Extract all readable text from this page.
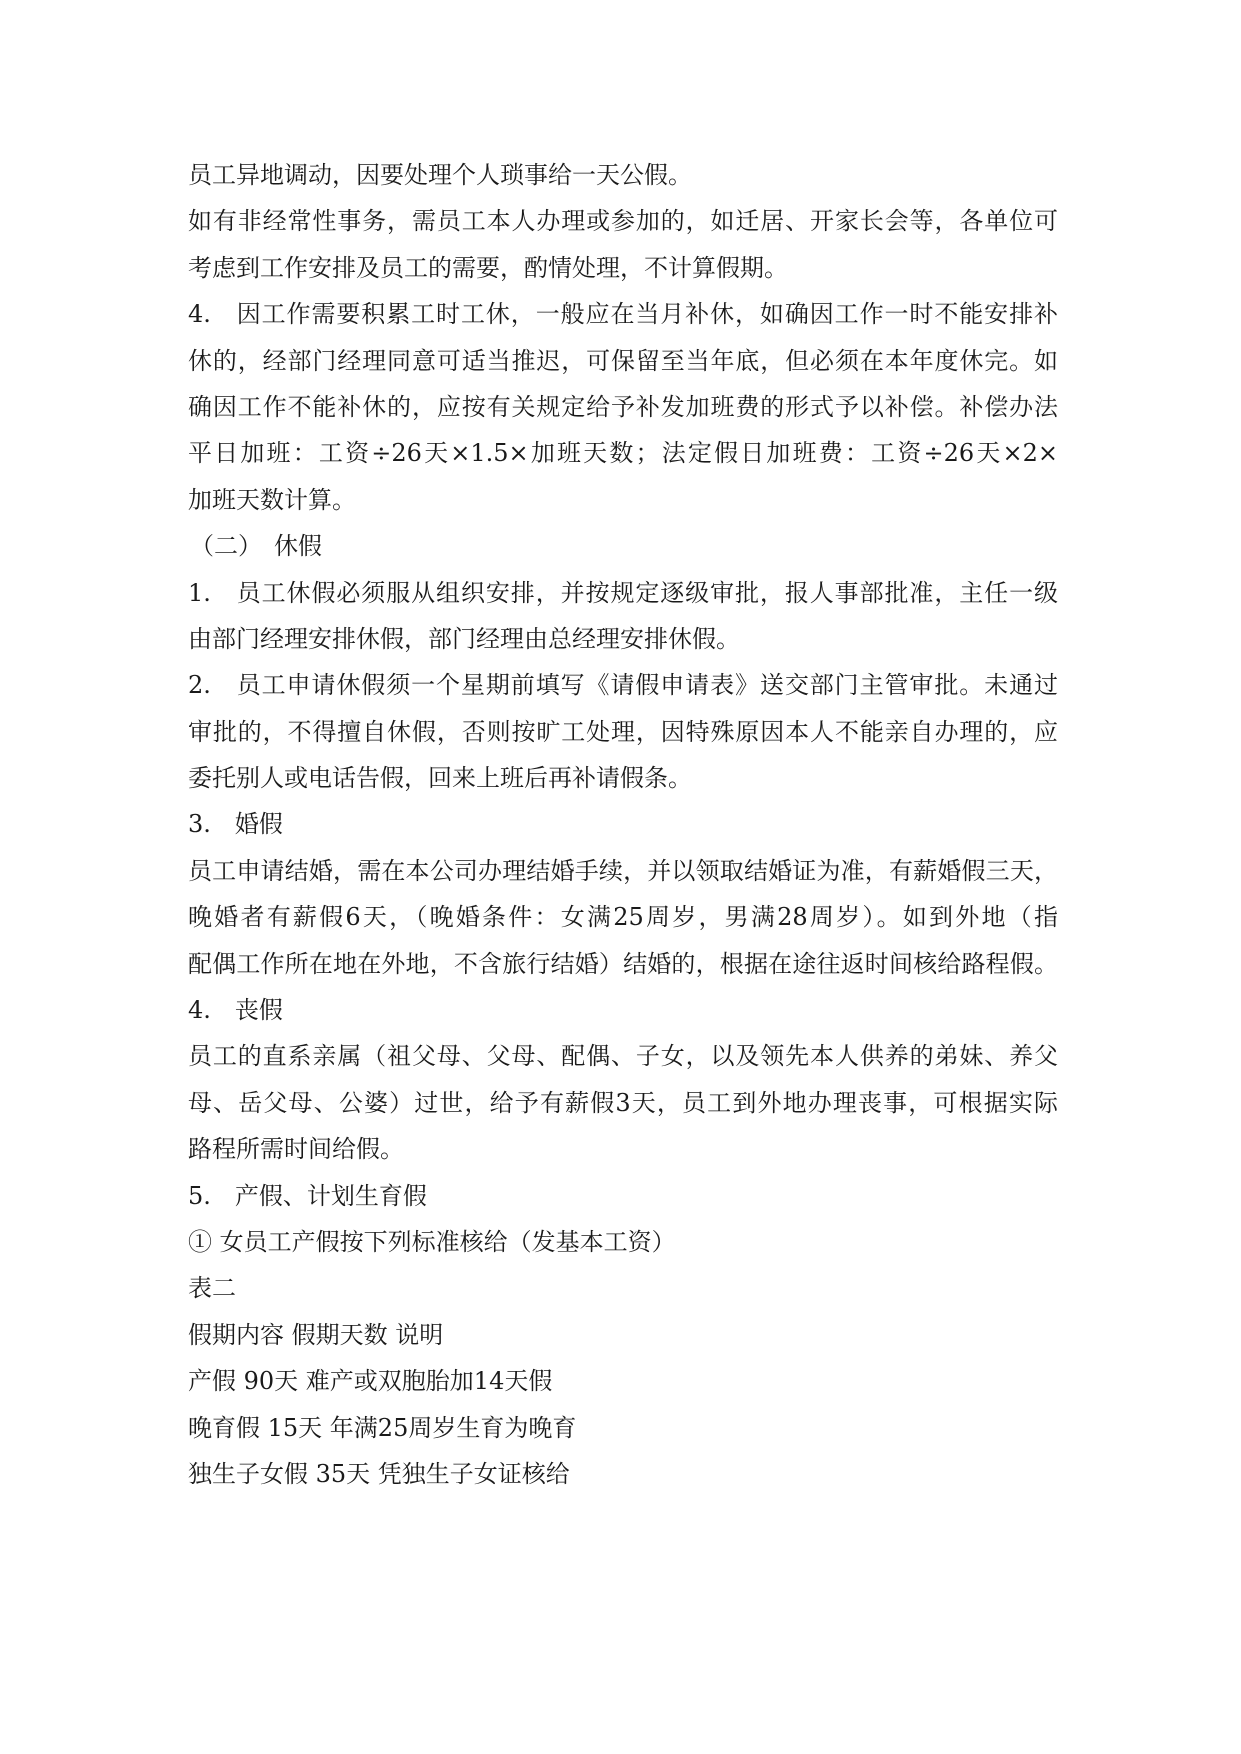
员工异地调动，因要处理个人琐事给一天公假。
如有非经常性事务，需员工本人办理或参加的，如迁居、开家长会等，各单位可
考虑到工作安排及员工的需要，酌情处理，不计算假期。
4.　因工作需要积累工时工休，一般应在当月补休，如确因工作一时不能安排补
休的，经部门经理同意可适当推迟，可保留至当年底，但必须在本年度休完。如
确因工作不能补休的，应按有关规定给予补发加班费的形式予以补偿。补偿办法
平日加班：工资÷26天×1.5×加班天数；法定假日加班费：工资÷26天×2×
加班天数计算。
（二）　休假
1.　员工休假必须服从组织安排，并按规定逐级审批，报人事部批准，主任一级
由部门经理安排休假，部门经理由总经理安排休假。
2.　员工申请休假须一个星期前填写《请假申请表》送交部门主管审批。未通过
审批的，不得擅自休假，否则按旷工处理，因特殊原因本人不能亲自办理的，应
委托别人或电话告假，回来上班后再补请假条。
3.　婚假
员工申请结婚，需在本公司办理结婚手续，并以领取结婚证为准，有薪婚假三天，
晚婚者有薪假6天，（晚婚条件：女满25周岁，男满28周岁）。如到外地（指
配偶工作所在地在外地，不含旅行结婚）结婚的，根据在途往返时间核给路程假。
4.　丧假
员工的直系亲属（祖父母、父母、配偶、子女，以及领先本人供养的弟妹、养父
母、岳父母、公婆）过世，给予有薪假3天，员工到外地办理丧事，可根据实际
路程所需时间给假。
5.　产假、计划生育假
① 女员工产假按下列标准核给（发基本工资）
表二
假期内容 假期天数 说明
产假 90天 难产或双胞胎加14天假
晚育假 15天 年满25周岁生育为晚育
独生子女假 35天 凭独生子女证核给
